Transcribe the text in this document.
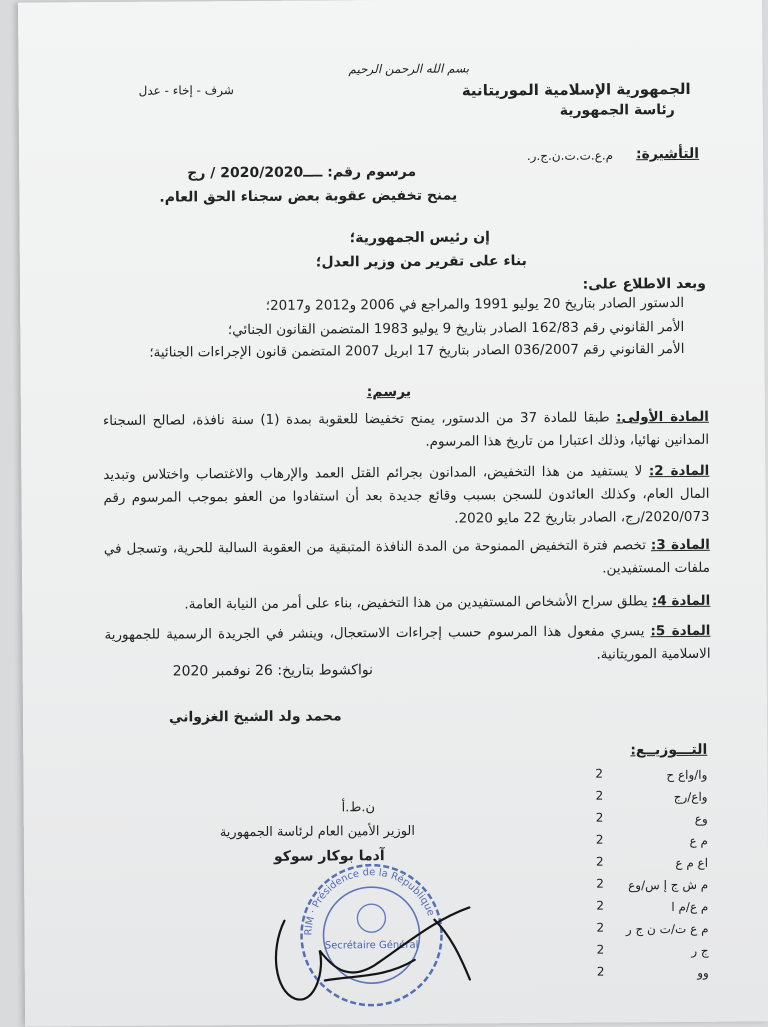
بسم الله الرحمن الرحيم
الجمهورية الإسلامية الموريتانية
رئاسة الجمهورية
شرف - إخاء - عدل
التأشيرة:
م.ع.ت.ت.ن.ج.ر.
مرسوم رقم: ــــ2020/2020 / رج
يمنح تخفيض عقوبة بعض سجناء الحق العام.
إن رئيس الجمهورية؛
بناء على تقرير من وزير العدل؛
وبعد الاطلاع على:
الدستور الصادر بتاريخ 20 يوليو 1991 والمراجع في 2006 و2012 و2017؛
الأمر القانوني رقم 162/83 الصادر بتاريخ 9 يوليو 1983 المتضمن القانون الجنائي؛
الأمر القانوني رقم 036/2007 الصادر بتاريخ 17 ابريل 2007 المتضمن قانون الإجراءات الجنائية؛
يرسم:
المادة الأولى: طبقا للمادة 37 من الدستور، يمنح تخفيضا للعقوبة بمدة (1) سنة نافذة، لصالح السجناء المدانين نهائيا، وذلك اعتبارا من تاريخ هذا المرسوم.
المادة 2: لا يستفيد من هذا التخفيض، المدانون بجرائم القتل العمد والإرهاب والاغتصاب واختلاس وتبديد المال العام، وكذلك العائدون للسجن بسبب وقائع جديدة بعد أن استفادوا من العفو بموجب المرسوم رقم 2020/073/رج، الصادر بتاريخ 22 مايو 2020.
المادة 3: تخصم فترة التخفيض الممنوحة من المدة النافذة المتبقية من العقوبة السالبة للحرية، وتسجل في ملفات المستفيدين.
المادة 4: يطلق سراح الأشخاص المستفيدين من هذا التخفيض، بناء على أمر من النيابة العامة.
المادة 5: يسري مفعول هذا المرسوم حسب إجراءات الاستعجال، وينشر في الجريدة الرسمية للجمهورية الاسلامية الموريتانية.
نواكشوط بتاريخ: 26 نوفمبر 2020
محمد ولد الشيخ الغزواني
ن.ط.أ
الوزير الأمين العام لرئاسة الجمهورية
آدما بوكار سوكو
RIM · Présidence de la République
Secrétaire Général
التـــوزيــع:
وا/واع ح
2
واع/رج
2
وع
2
م ع
2
اع م ع
2
م ش ج إ س/وع
2
م ع/م ا
2
م ع ت/ت ن ج ر
2
ج ر
2
وو
2
